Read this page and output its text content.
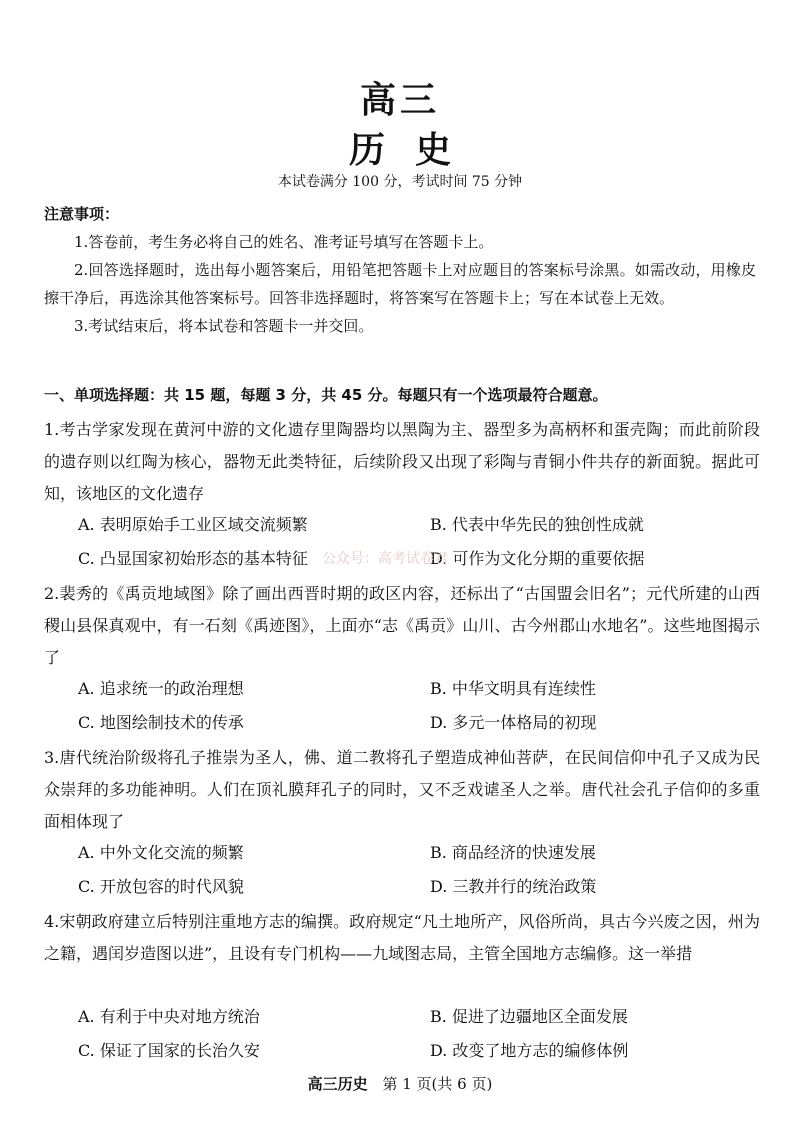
高三
历史
本试卷满分 100 分，考试时间 75 分钟
注意事项：
1.答卷前，考生务必将自己的姓名、准考证号填写在答题卡上。
2.回答选择题时，选出每小题答案后，用铅笔把答题卡上对应题目的答案标号涂黑。如需改动，用橡皮擦干净后，再选涂其他答案标号。回答非选择题时，将答案写在答题卡上；写在本试卷上无效。
3.考试结束后，将本试卷和答题卡一并交回。
一、单项选择题：共 15 题，每题 3 分，共 45 分。每题只有一个选项最符合题意。
1.考古学家发现在黄河中游的文化遗存里陶器均以黑陶为主、器型多为高柄杯和蛋壳陶；而此前阶段的遗存则以红陶为核心，器物无此类特征，后续阶段又出现了彩陶与青铜小件共存的新面貌。据此可知，该地区的文化遗存
A. 表明原始手工业区域交流频繁	B. 代表中华先民的独创性成就
C. 凸显国家初始形态的基本特征	D. 可作为文化分期的重要依据
公众号：高考试卷君
2.裴秀的《禹贡地域图》除了画出西晋时期的政区内容，还标出了“古国盟会旧名”；元代所建的山西稷山县保真观中，有一石刻《禹迹图》，上面亦“志《禹贡》山川、古今州郡山水地名”。这些地图揭示了
A. 追求统一的政治理想	B. 中华文明具有连续性
C. 地图绘制技术的传承	D. 多元一体格局的初现
3.唐代统治阶级将孔子推崇为圣人，佛、道二教将孔子塑造成神仙菩萨，在民间信仰中孔子又成为民众崇拜的多功能神明。人们在顶礼膜拜孔子的同时，又不乏戏谑圣人之举。唐代社会孔子信仰的多重面相体现了
A. 中外文化交流的频繁	B. 商品经济的快速发展
C. 开放包容的时代风貌	D. 三教并行的统治政策
4.宋朝政府建立后特别注重地方志的编撰。政府规定“凡土地所产，风俗所尚，具古今兴废之因，州为之籍，遇闰岁造图以进”，且设有专门机构——九域图志局，主管全国地方志编修。这一举措
A. 有利于中央对地方统治	B. 促进了边疆地区全面发展
C. 保证了国家的长治久安	D. 改变了地方志的编修体例
高三历史 第 1 页(共 6 页)
